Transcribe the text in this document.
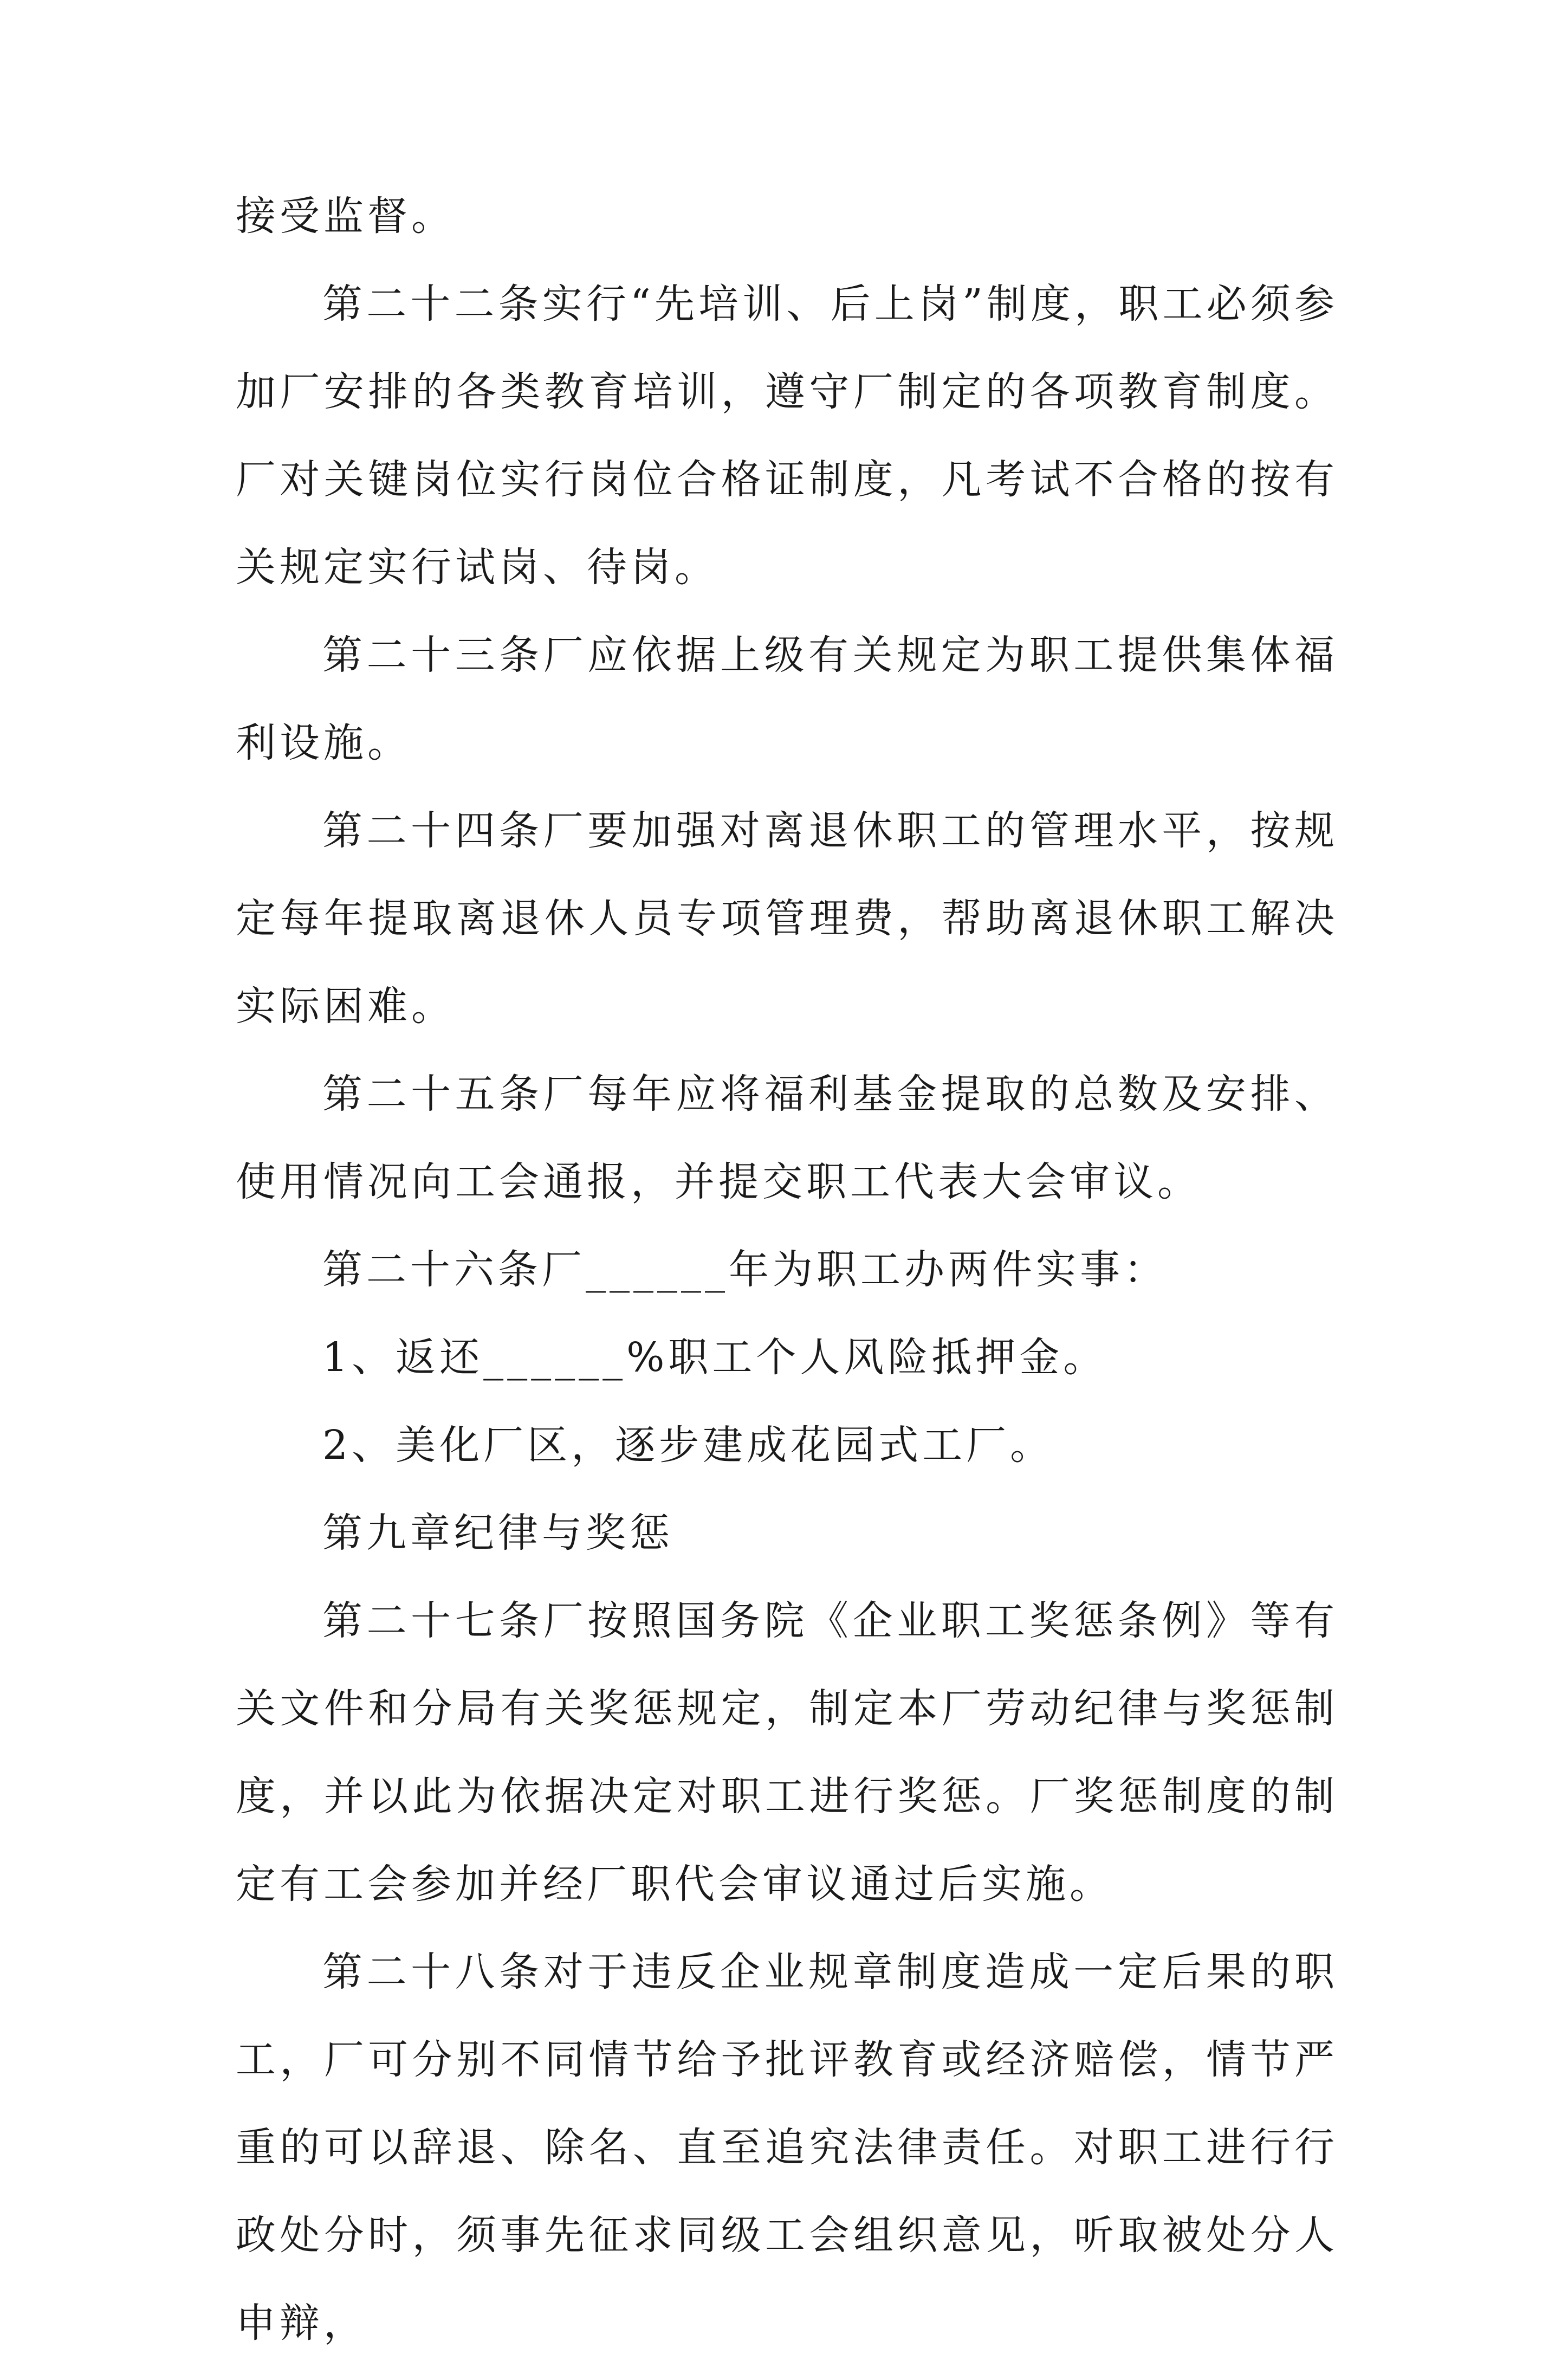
接受监督。

第二十二条实行“先培训、后上岗”制度，职工必须参加厂安排的各类教育培训，遵守厂制定的各项教育制度。厂对关键岗位实行岗位合格证制度，凡考试不合格的按有关规定实行试岗、待岗。

第二十三条厂应依据上级有关规定为职工提供集体福利设施。

第二十四条厂要加强对离退休职工的管理水平，按规定每年提取离退休人员专项管理费，帮助离退休职工解决实际困难。

第二十五条厂每年应将福利基金提取的总数及安排、使用情况向工会通报，并提交职工代表大会审议。

第二十六条厂______年为职工办两件实事：

1、返还______%职工个人风险抵押金。

2、美化厂区，逐步建成花园式工厂。

第九章纪律与奖惩

第二十七条厂按照国务院《企业职工奖惩条例》等有关文件和分局有关奖惩规定，制定本厂劳动纪律与奖惩制度，并以此为依据决定对职工进行奖惩。厂奖惩制度的制定有工会参加并经厂职代会审议通过后实施。

第二十八条对于违反企业规章制度造成一定后果的职工，厂可分别不同情节给予批评教育或经济赔偿，情节严重的可以辞退、除名、直至追究法律责任。对职工进行行政处分时，须事先征求同级工会组织意见，听取被处分人申辩，
